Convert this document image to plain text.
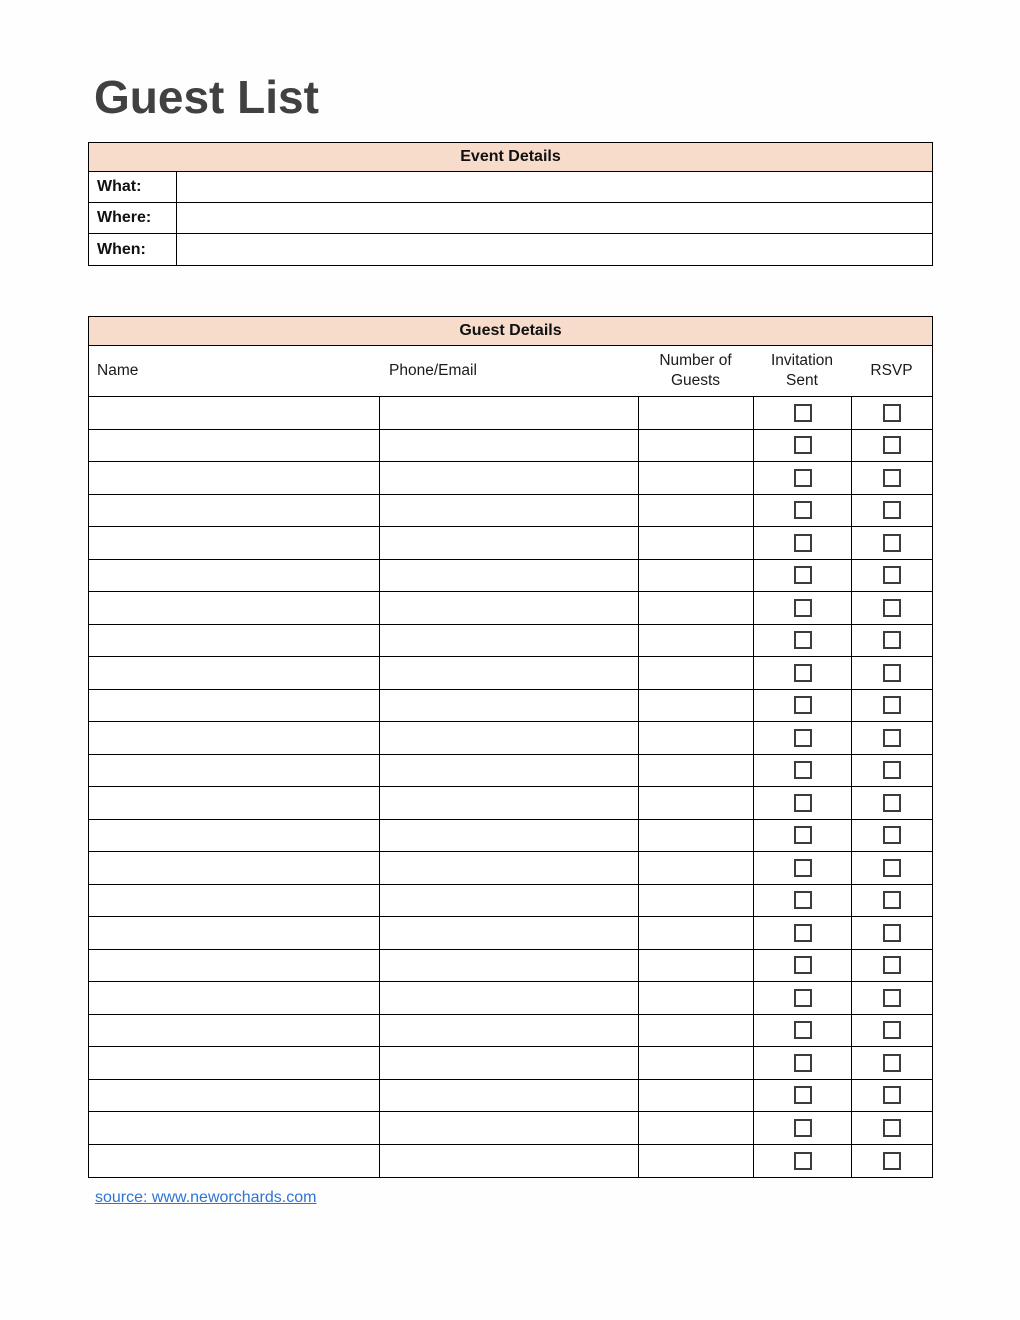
Guest List
Event Details
What:
Where:
When:
Guest Details
Name	Phone/Email
Number of Guests
Invitation Sent
RSVP
source: www.neworchards.com
